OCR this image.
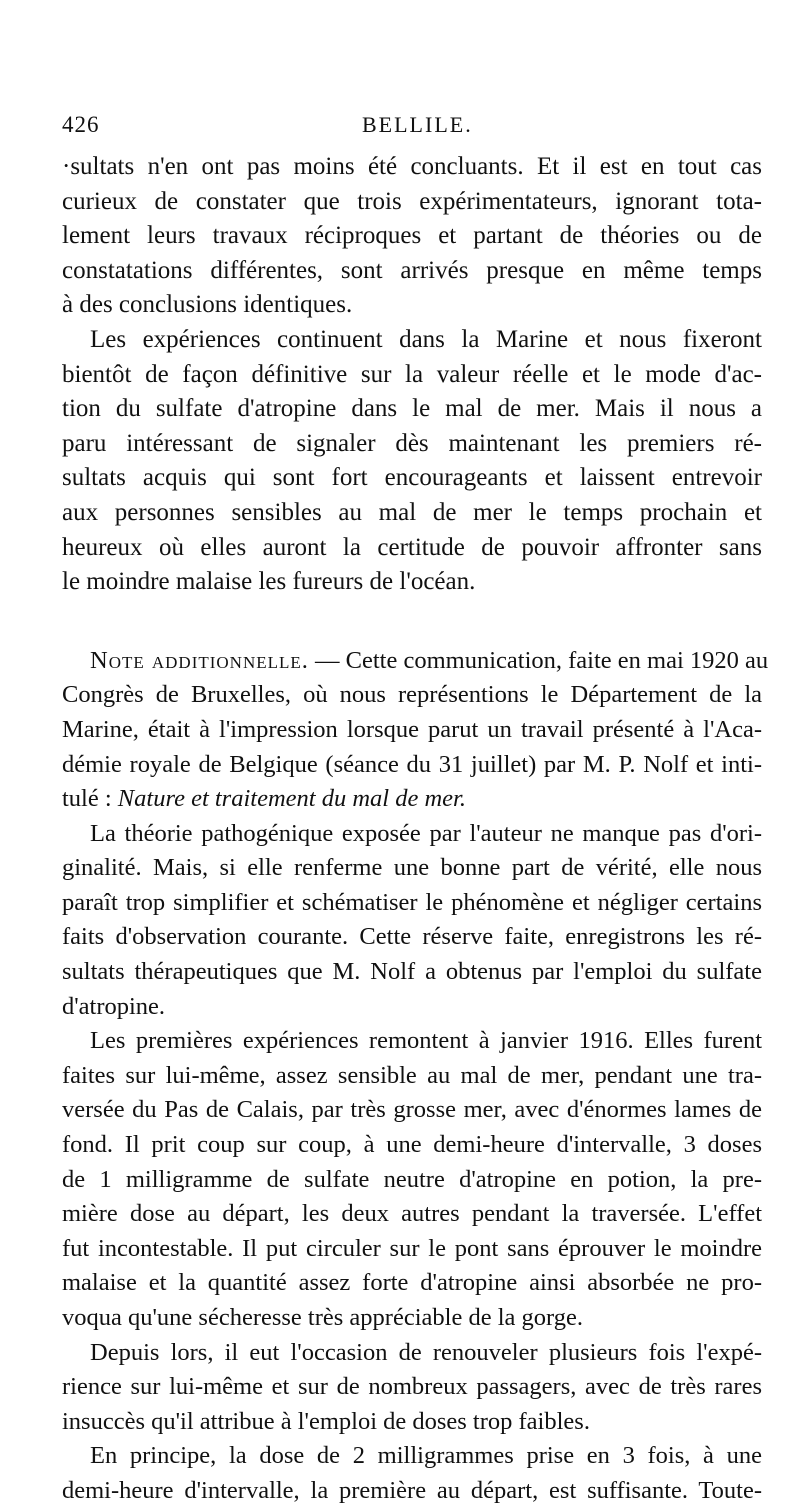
426	BELLILE.
·sultats n'en ont pas moins été concluants. Et il est en tout cas
curieux de constater que trois expérimentateurs, ignorant tota-
lement leurs travaux réciproques et partant de théories ou de
constatations différentes, sont arrivés presque en même temps
à des conclusions identiques.
Les expériences continuent dans la Marine et nous fixeront
bientôt de façon définitive sur la valeur réelle et le mode d'ac-
tion du sulfate d'atropine dans le mal de mer. Mais il nous a
paru intéressant de signaler dès maintenant les premiers ré-
sultats acquis qui sont fort encourageants et laissent entrevoir
aux personnes sensibles au mal de mer le temps prochain et
heureux où elles auront la certitude de pouvoir affronter sans
le moindre malaise les fureurs de l'océan.
Note additionnelle. — Cette communication, faite en mai 1920 au
Congrès de Bruxelles, où nous représentions le Département de la
Marine, était à l'impression lorsque parut un travail présenté à l'Aca-
démie royale de Belgique (séance du 31 juillet) par M. P. Nolf et inti-
tulé : Nature et traitement du mal de mer.
La théorie pathogénique exposée par l'auteur ne manque pas d'ori-
ginalité. Mais, si elle renferme une bonne part de vérité, elle nous
paraît trop simplifier et schématiser le phénomène et négliger certains
faits d'observation courante. Cette réserve faite, enregistrons les ré-
sultats thérapeutiques que M. Nolf a obtenus par l'emploi du sulfate
d'atropine.
Les premières expériences remontent à janvier 1916. Elles furent
faites sur lui-même, assez sensible au mal de mer, pendant une tra-
versée du Pas de Calais, par très grosse mer, avec d'énormes lames de
fond. Il prit coup sur coup, à une demi-heure d'intervalle, 3 doses
de 1 milligramme de sulfate neutre d'atropine en potion, la pre-
mière dose au départ, les deux autres pendant la traversée. L'effet
fut incontestable. Il put circuler sur le pont sans éprouver le moindre
malaise et la quantité assez forte d'atropine ainsi absorbée ne pro-
voqua qu'une sécheresse très appréciable de la gorge.
Depuis lors, il eut l'occasion de renouveler plusieurs fois l'expé-
rience sur lui-même et sur de nombreux passagers, avec de très rares
insuccès qu'il attribue à l'emploi de doses trop faibles.
En principe, la dose de 2 milligrammes prise en 3 fois, à une
demi-heure d'intervalle, la première au départ, est suffisante. Toute-
